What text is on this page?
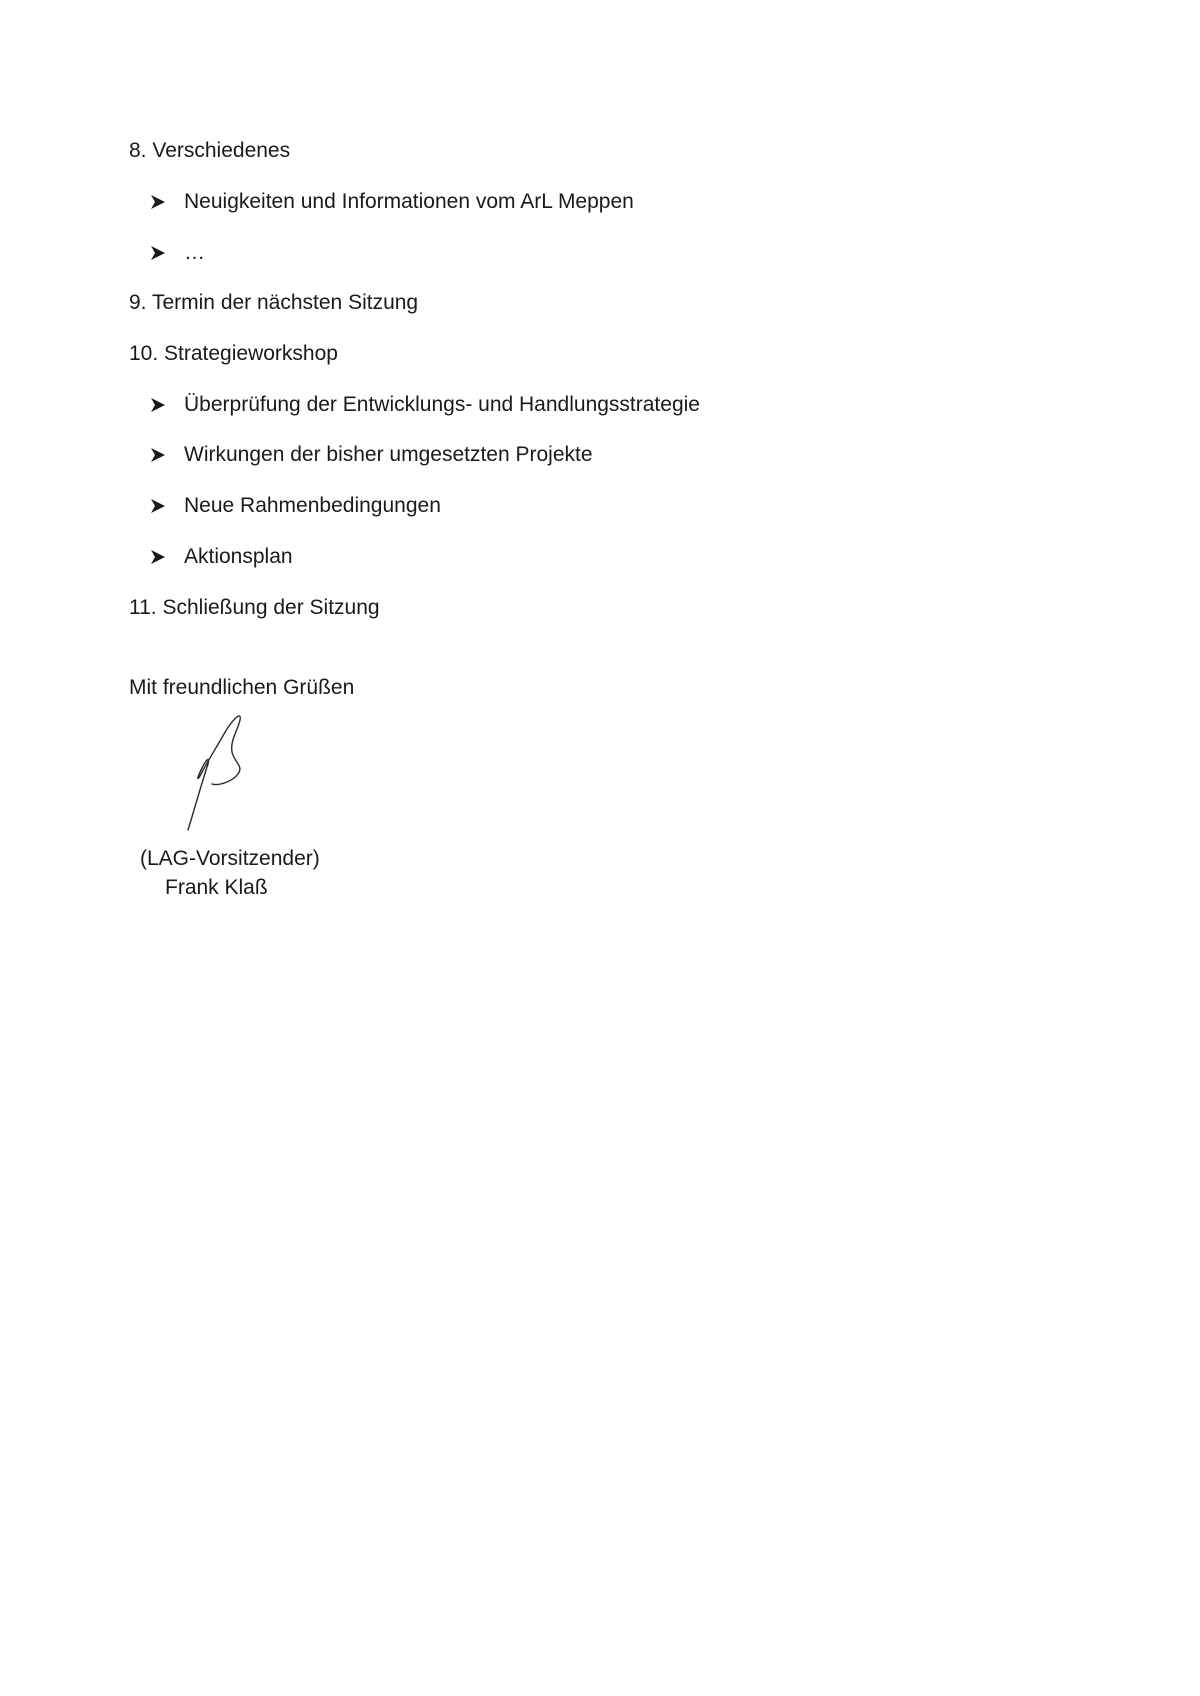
8. Verschiedenes
Neuigkeiten und Informationen vom ArL Meppen
…
9. Termin der nächsten Sitzung
10. Strategieworkshop
Überprüfung der Entwicklungs- und Handlungsstrategie
Wirkungen der bisher umgesetzten Projekte
Neue Rahmenbedingungen
Aktionsplan
11. Schließung der Sitzung
Mit freundlichen Grüßen
(LAG-Vorsitzender)
Frank Klaß
